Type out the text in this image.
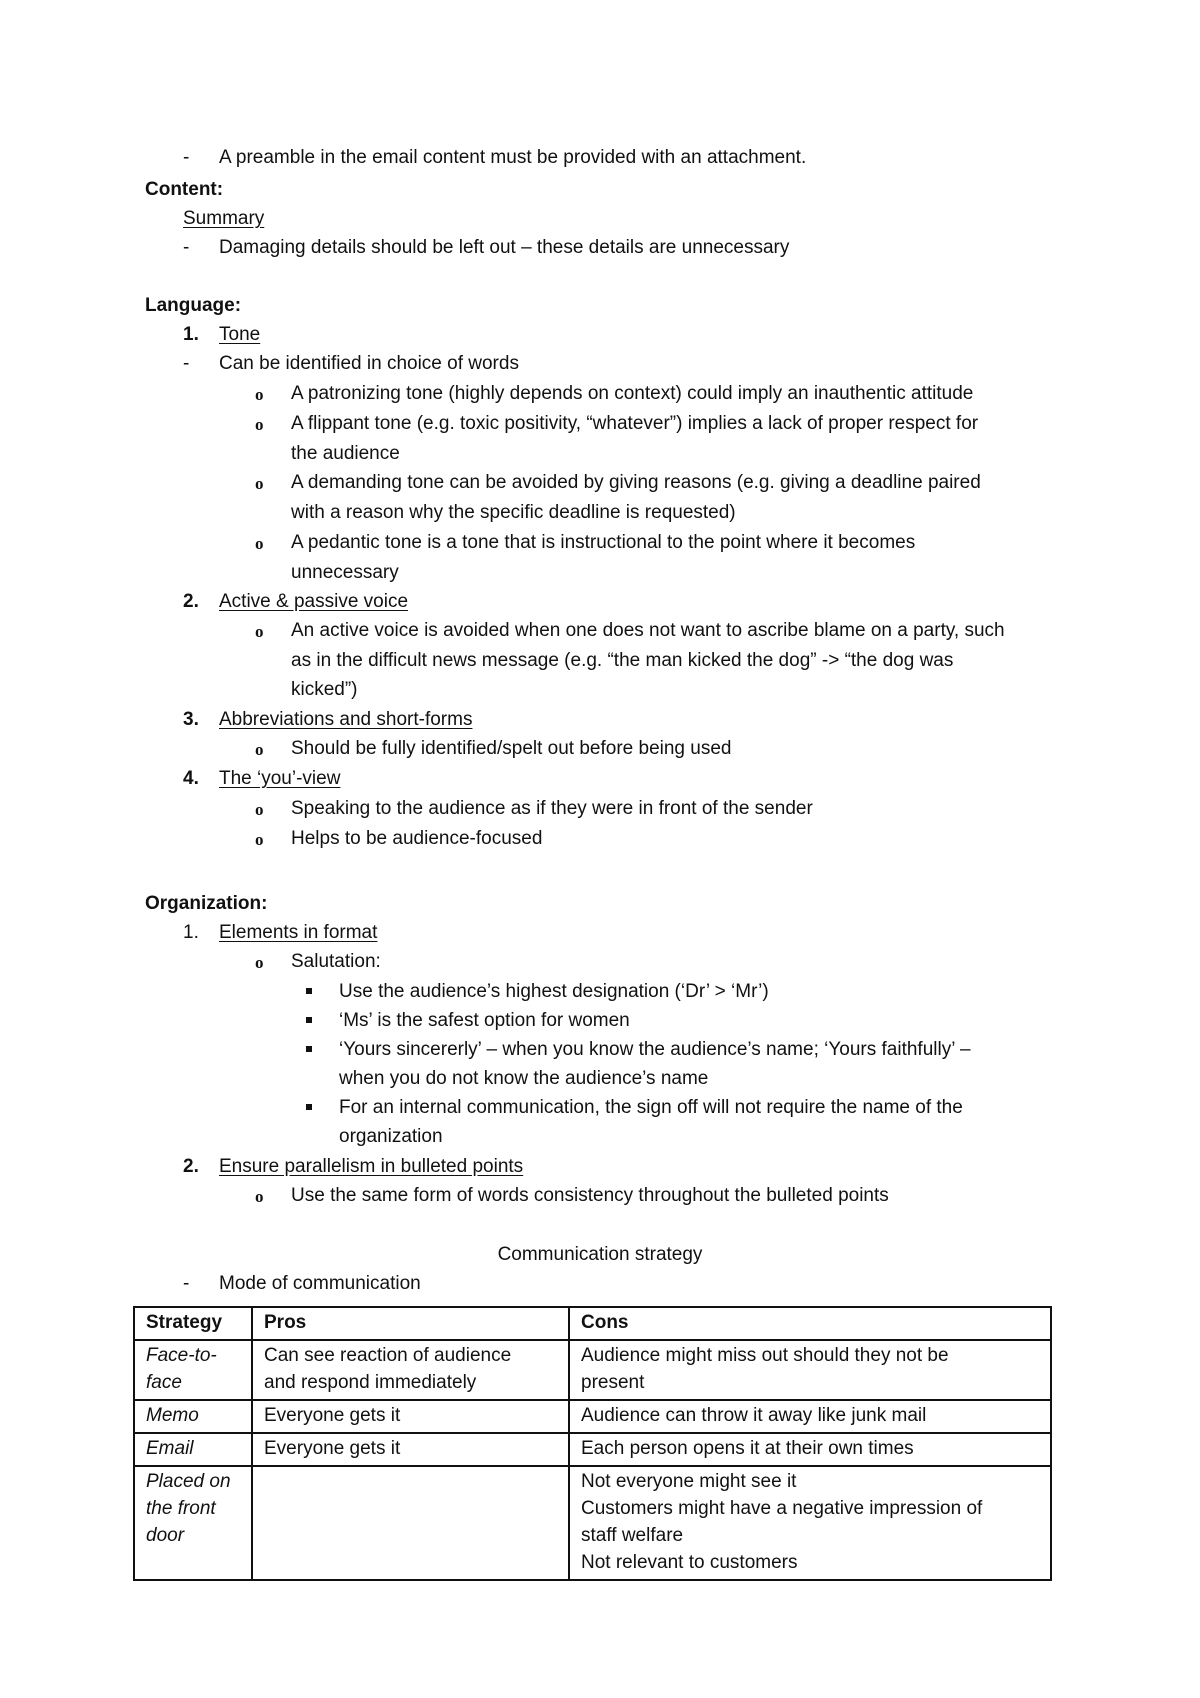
- A preamble in the email content must be provided with an attachment.
Content:
Summary
- Damaging details should be left out – these details are unnecessary
Language:
1. Tone
- Can be identified in choice of words
o A patronizing tone (highly depends on context) could imply an inauthentic attitude
o A flippant tone (e.g. toxic positivity, “whatever”) implies a lack of proper respect for
the audience
o A demanding tone can be avoided by giving reasons (e.g. giving a deadline paired
with a reason why the specific deadline is requested)
o A pedantic tone is a tone that is instructional to the point where it becomes
unnecessary
2. Active & passive voice
o An active voice is avoided when one does not want to ascribe blame on a party, such
as in the difficult news message (e.g. “the man kicked the dog” -> “the dog was
kicked”)
3. Abbreviations and short-forms
o Should be fully identified/spelt out before being used
4. The ‘you’-view
o Speaking to the audience as if they were in front of the sender
o Helps to be audience-focused
Organization:
1. Elements in format
o Salutation:
Use the audience’s highest designation (‘Dr’ > ‘Mr’)
‘Ms’ is the safest option for women
‘Yours sincererly’ – when you know the audience’s name; ‘Yours faithfully’ –
when you do not know the audience’s name
For an internal communication, the sign off will not require the name of the
organization
2. Ensure parallelism in bulleted points
o Use the same form of words consistency throughout the bulleted points
Communication strategy
- Mode of communication
Strategy	Pros	Cons

Face-to-
face	Can see reaction of audience
and respond immediately	Audience might miss out should they not be
present

Memo	Everyone gets it	Audience can throw it away like junk mail
Email	Everyone gets it	Each person opens it at their own times

Placed on
the front
door		Not everyone might see it
Customers might have a negative impression of
staff welfare
Not relevant to customers
